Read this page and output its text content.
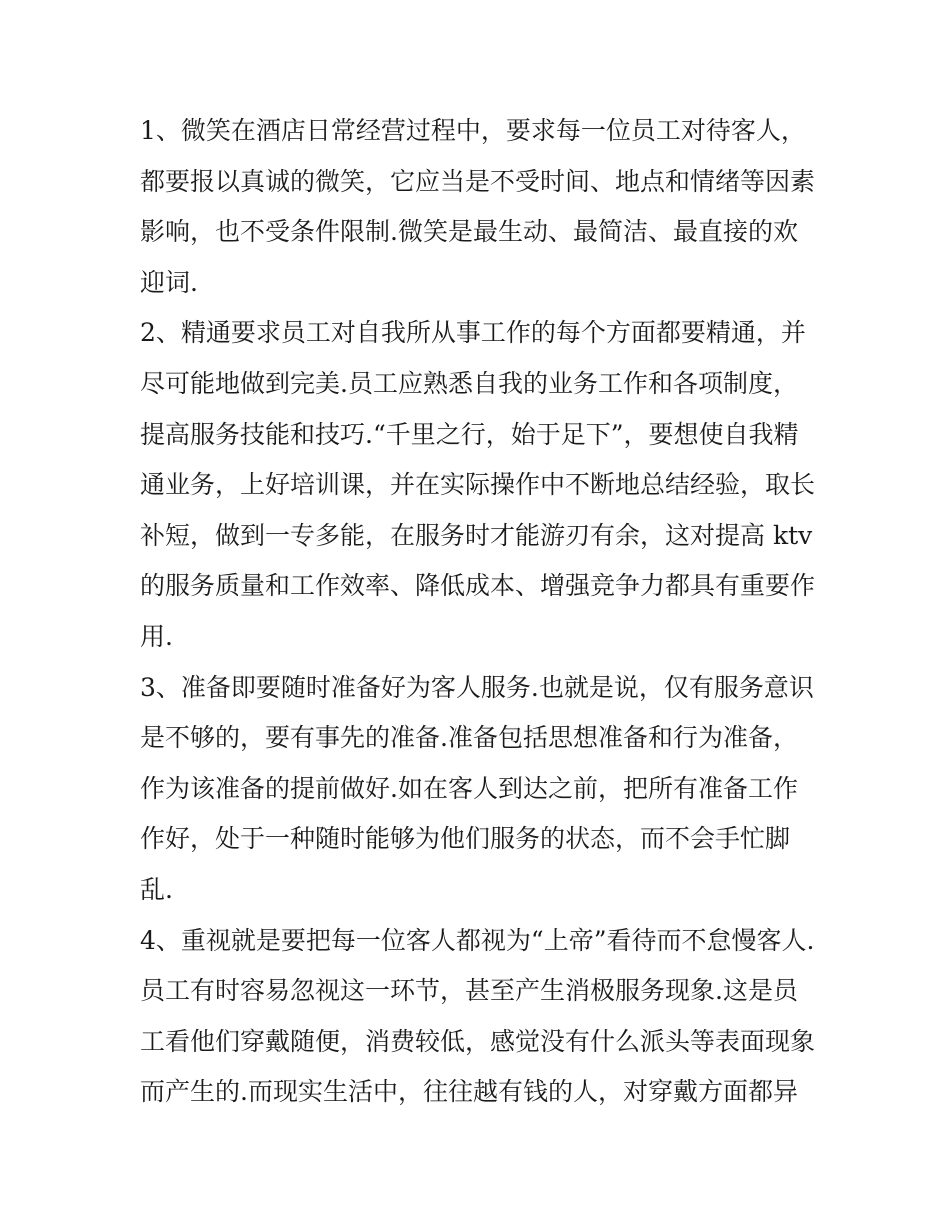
1、微笑在酒店日常经营过程中，要求每一位员工对待客人，
都要报以真诚的微笑，它应当是不受时间、地点和情绪等因素
影响，也不受条件限制.微笑是最生动、最简洁、最直接的欢
迎词.
2、精通要求员工对自我所从事工作的每个方面都要精通，并
尽可能地做到完美.员工应熟悉自我的业务工作和各项制度，
提高服务技能和技巧.“千里之行，始于足下”，要想使自我精
通业务，上好培训课，并在实际操作中不断地总结经验，取长
补短，做到一专多能，在服务时才能游刃有余，这对提高 ktv
的服务质量和工作效率、降低成本、增强竞争力都具有重要作
用.
3、准备即要随时准备好为客人服务.也就是说，仅有服务意识
是不够的，要有事先的准备.准备包括思想准备和行为准备，
作为该准备的提前做好.如在客人到达之前，把所有准备工作
作好，处于一种随时能够为他们服务的状态，而不会手忙脚
乱.
4、重视就是要把每一位客人都视为“上帝”看待而不怠慢客人.
员工有时容易忽视这一环节，甚至产生消极服务现象.这是员
工看他们穿戴随便，消费较低，感觉没有什么派头等表面现象
而产生的.而现实生活中，往往越有钱的人，对穿戴方面都异
